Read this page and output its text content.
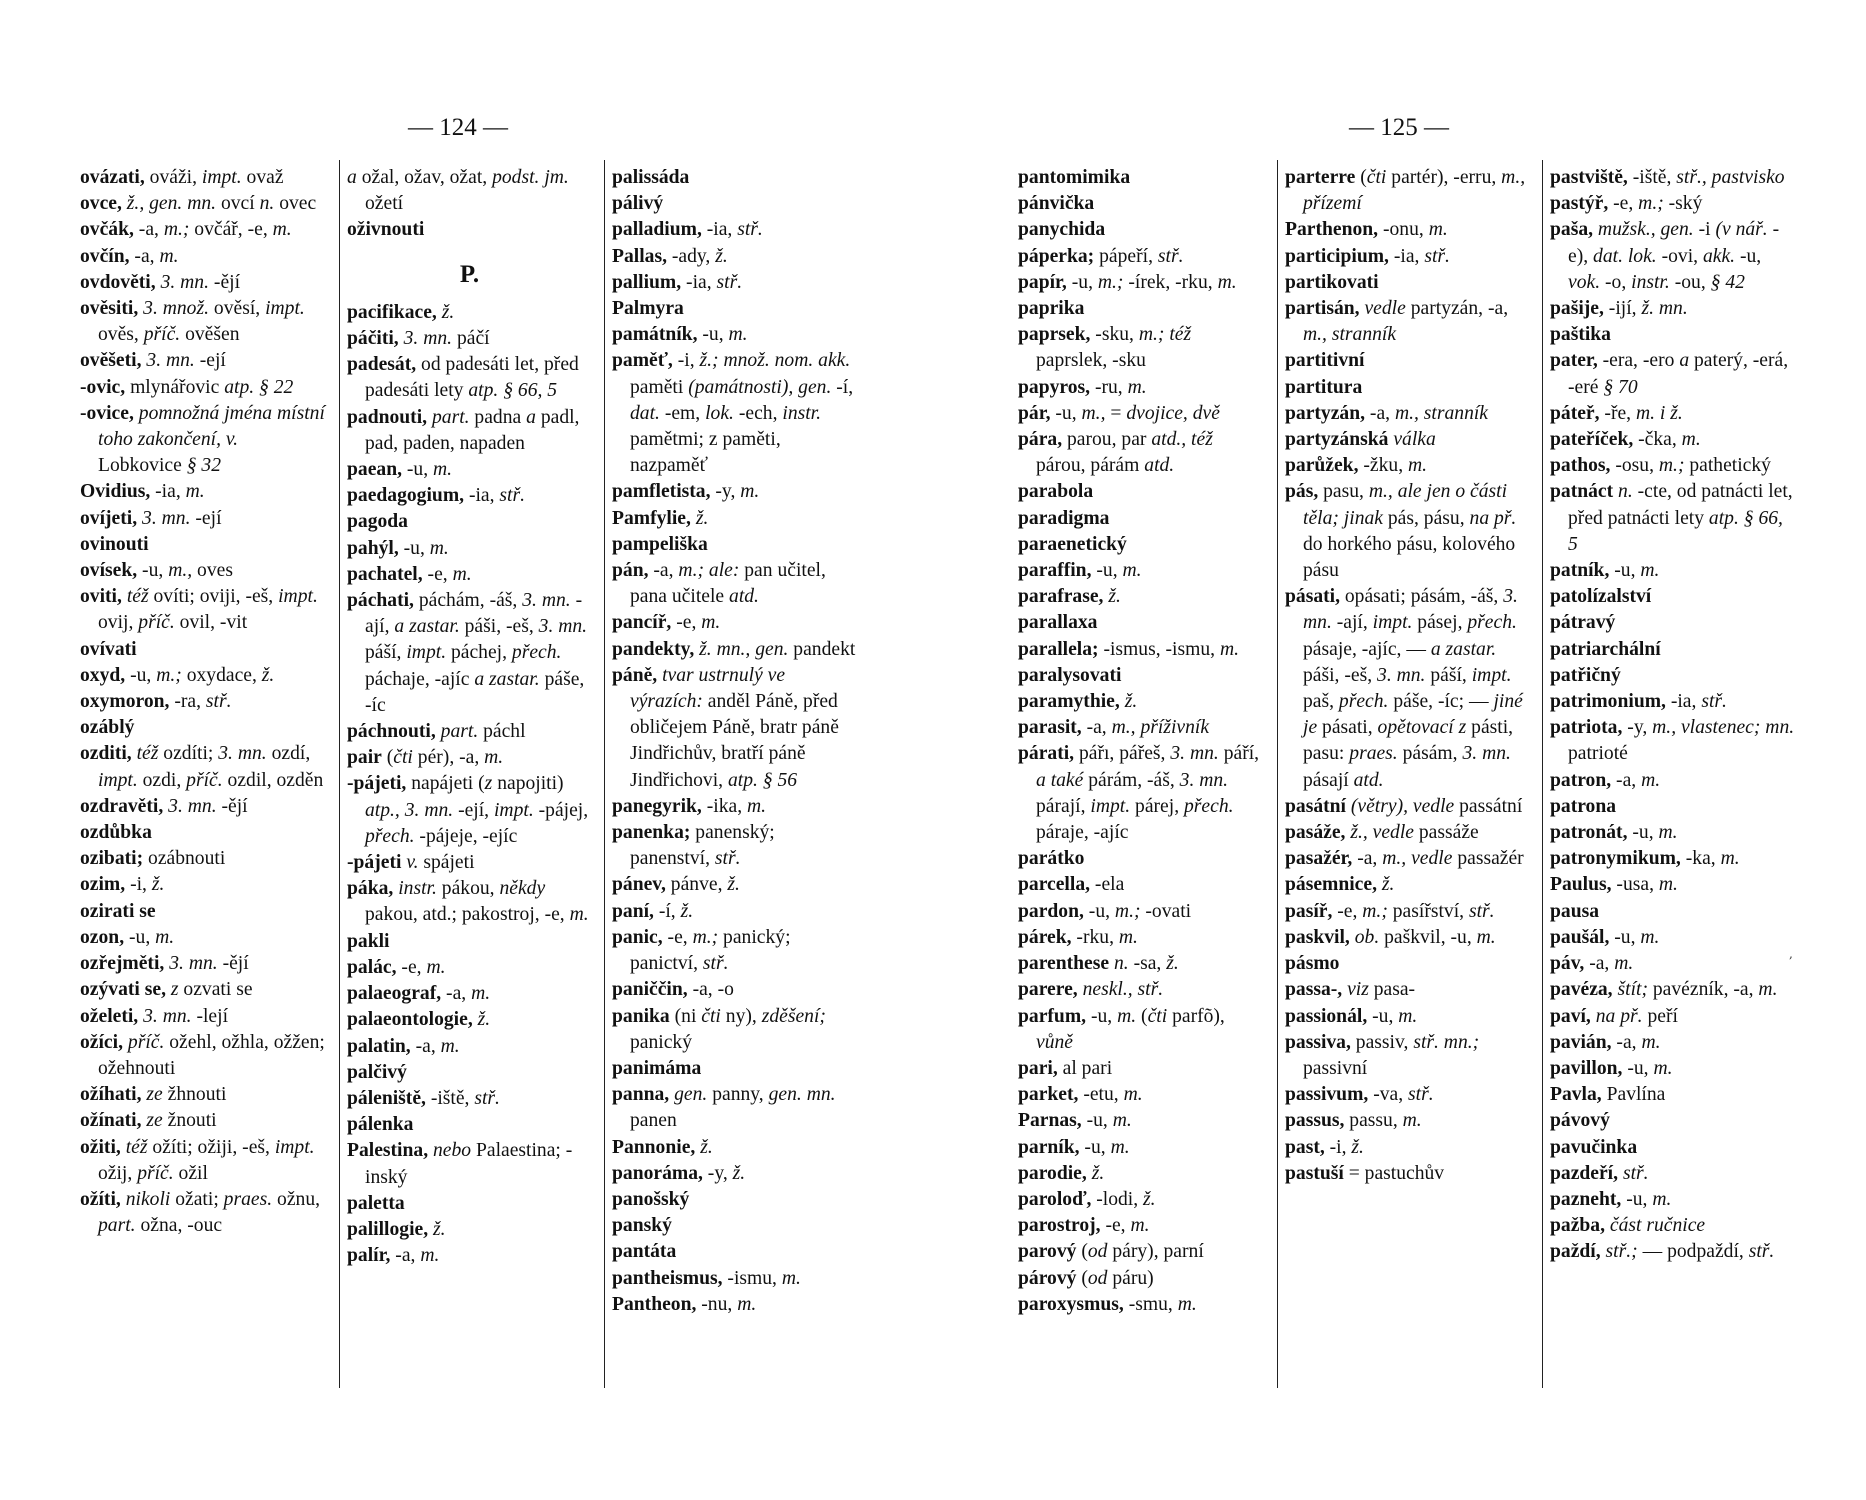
— 124 —
ovázati, ováži, impt. ovaž
ovce, ž., gen. mn. ovcí n. ovec
ovčák, -a, m.; ovčář, -e, m.
ovčín, -a, m.
ovdověti, 3. mn. -ějí
ověsiti, 3. množ. ověsí, impt. ověs, příč. ověšen
ověšeti, 3. mn. -ejí
-ovic, mlynářovic atp. § 22
-ovice, pomnožná jména místní toho zakončení, v. Lobkovice § 32
Ovidius, -ia, m.
ovíjeti, 3. mn. -ejí
ovinouti
ovísek, -u, m., oves
oviti, též ovíti; oviji, -eš, impt. ovij, příč. ovil, -vit
ovívati
oxyd, -u, m.; oxydace, ž.
oxymoron, -ra, stř.
ozáblý
ozditi, též ozdíti; 3. mn. ozdí, impt. ozdi, příč. ozdil, ozděn
ozdravěti, 3. mn. -ějí
ozdůbka
ozibati; ozábnouti
ozim, -i, ž.
ozirati se
ozon, -u, m.
ozřejměti, 3. mn. -ějí
ozývati se, z ozvati se
oželeti, 3. mn. -lejí
ožíci, příč. ožehl, ožhla, ožžen; ožehnouti
ožíhati, ze žhnouti
ožínati, ze žnouti
ožiti, též ožíti; ožiji, -eš, impt. ožij, příč. ožil
ožíti, nikoli ožati; praes. ožnu, part. ožna, -ouc
a ožal, ožav, ožat, podst. jm. ožetí
oživnouti
P.
pacifikace, ž.
páčiti, 3. mn. páčí
padesát, od padesáti let, před padesáti lety atp. § 66, 5
padnouti, part. padna a padl, pad, paden, napaden
paean, -u, m.
paedagogium, -ia, stř.
pagoda
pahýl, -u, m.
pachatel, -e, m.
páchati, páchám, -áš, 3. mn. -ají, a zastar. páši, -eš, 3. mn. páší, impt. páchej, přech. páchaje, -ajíc a zastar. páše, -íc
páchnouti, part. páchl
pair (čti pér), -a, m.
-pájeti, napájeti (z napojiti) atp., 3. mn. -ejí, impt. -pájej, přech. -pájeje, -ejíc
-pájeti v. spájeti
páka, instr. pákou, někdy pakou, atd.; pakostroj, -e, m.
pakli
palác, -e, m.
palaeograf, -a, m.
palaeontologie, ž.
palatin, -a, m.
palčivý
páleniště, -iště, stř.
pálenka
Palestina, nebo Palaestina; -inský
paletta
palillogie, ž.
palír, -a, m.
palissáda
pálivý
palladium, -ia, stř.
Pallas, -ady, ž.
pallium, -ia, stř.
Palmyra
památník, -u, m.
paměť, -i, ž.; množ. nom. akk. paměti (památnosti), gen. -í, dat. -em, lok. -ech, instr. pamětmi; z paměti, nazpaměť
pamfletista, -y, m.
Pamfylie, ž.
pampeliška
pán, -a, m.; ale: pan učitel, pana učitele atd.
pancíř, -e, m.
pandekty, ž. mn., gen. pandekt
páně, tvar ustrnulý ve výrazích: anděl Páně, před obličejem Páně, bratr páně Jindřichův, bratří páně Jindřichovi, atp. § 56
panegyrik, -ika, m.
panenka; panenský; panenství, stř.
pánev, pánve, ž.
paní, -í, ž.
panic, -e, m.; panický; panictví, stř.
paniččin, -a, -o
panika (ni čti ny), zděšení; panický
panimáma
panna, gen. panny, gen. mn. panen
Pannonie, ž.
panoráma, -y, ž.
panošský
panský
pantáta
pantheismus, -ismu, m.
Pantheon, -nu, m.
— 125 —
pantomimika
pánvička
panychida
páperka; pápeří, stř.
papír, -u, m.; -írek, -rku, m.
paprika
paprsek, -sku, m.; též paprslek, -sku
papyros, -ru, m.
pár, -u, m., = dvojice, dvě
pára, parou, par atd., též párou, párám atd.
parabola
paradigma
paraenetický
paraffin, -u, m.
parafrase, ž.
parallaxa
parallela; -ismus, -ismu, m.
paralysovati
paramythie, ž.
parasit, -a, m., příživník
párati, pářı, pářeš, 3. mn. páří, a také párám, -áš, 3. mn. párají, impt. párej, přech. páraje, -ajíc
parátko
parcella, -ela
pardon, -u, m.; -ovati
párek, -rku, m.
parenthese n. -sa, ž.
parere, neskl., stř.
parfum, -u, m. (čti parfõ), vůně
pari, al pari
parket, -etu, m.
Parnas, -u, m.
parník, -u, m.
parodie, ž.
paroloď, -lodi, ž.
parostroj, -e, m.
parový (od páry), parní
párový (od páru)
paroxysmus, -smu, m.
parterre (čti partér), -erru, m., přízemí
Parthenon, -onu, m.
participium, -ia, stř.
partikovati
partisán, vedle partyzán, -a, m., stranník
partitivní
partitura
partyzán, -a, m., stranník
partyzánská válka
parůžek, -žku, m.
pás, pasu, m., ale jen o části těla; jinak pás, pásu, na př. do horkého pásu, kolového pásu
pásati, opásati; pásám, -áš, 3. mn. -ají, impt. pásej, přech. pásaje, -ajíc, — a zastar. páši, -eš, 3. mn. páší, impt. paš, přech. páše, -íc; — jiné je pásati, opětovací z pásti, pasu: praes. pásám, 3. mn. pásají atd.
pasátní (větry), vedle passátní
pasáže, ž., vedle passáže
pasažér, -a, m., vedle passažér
pásemnice, ž.
pasíř, -e, m.; pasířství, stř.
paskvil, ob. paškvil, -u, m.
pásmo
passa-, viz pasa-
passionál, -u, m.
passiva, passiv, stř. mn.; passivní
passivum, -va, stř.
passus, passu, m.
past, -i, ž.
pastuší = pastuchův
pastviště, -iště, stř., pastvisko
pastýř, -e, m.; -ský
paša, mužsk., gen. -i (v nář. -e), dat. lok. -ovi, akk. -u, vok. -o, instr. -ou, § 42
pašije, -ijí, ž. mn.
paštika
pater, -era, -ero a paterý, -erá, -eré § 70
páteř, -ře, m. i ž.
pateříček, -čka, m.
pathos, -osu, m.; pathetický
patnáct n. -cte, od patnácti let, před patnácti lety atp. § 66, 5
patník, -u, m.
patolízalství
pátravý
patriarchální
patřičný
patrimonium, -ia, stř.
patriota, -y, m., vlastenec; mn. patrioté
patron, -a, m.
patrona
patronát, -u, m.
patronymikum, -ka, m.
Paulus, -usa, m.
pausa
paušál, -u, m.
páv, -a, m.
pavéza, štít; pavézník, -a, m.
paví, na př. peří
pavián, -a, m.
pavillon, -u, m.
Pavla, Pavlína
pávový
pavučinka
pazdeří, stř.
pazneht, -u, m.
pažba, část ručnice
paždí, stř.; — podpaždí, stř.
,
